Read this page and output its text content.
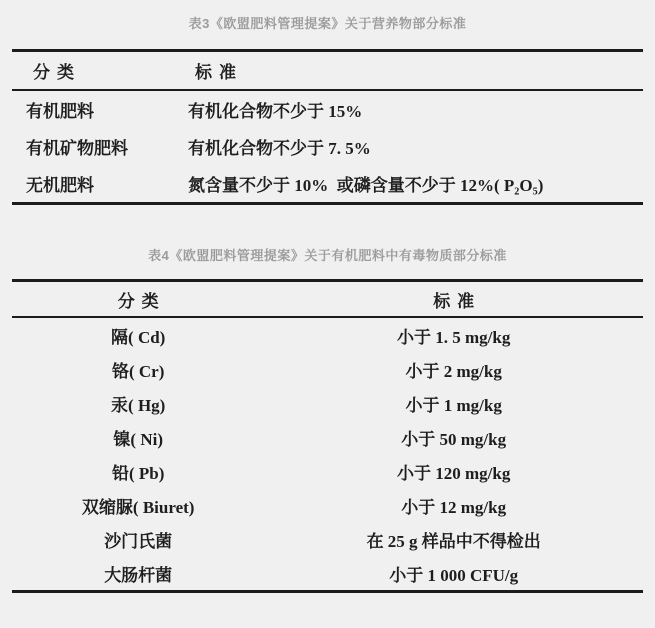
表3《欧盟肥料管理提案》关于营养物部分标准
分类	标准
有机肥料	有机化合物不少于 15%
有机矿物肥料	有机化合物不少于 7. 5%
无机肥料	氮含量不少于 10%  或磷含量不少于 12%( P₂O₅)
表4《欧盟肥料管理提案》关于有机肥料中有毒物质部分标准
分类	标准
隔( Cd)	小于 1. 5 mg/kg
铬( Cr)	小于 2 mg/kg
汞( Hg)	小于 1 mg/kg
镍( Ni)	小于 50 mg/kg
铅( Pb)	小于 120 mg/kg
双缩脲( Biuret)	小于 12 mg/kg
沙门氏菌	在 25 g 样品中不得检出
大肠杆菌	小于 1 000 CFU/g
